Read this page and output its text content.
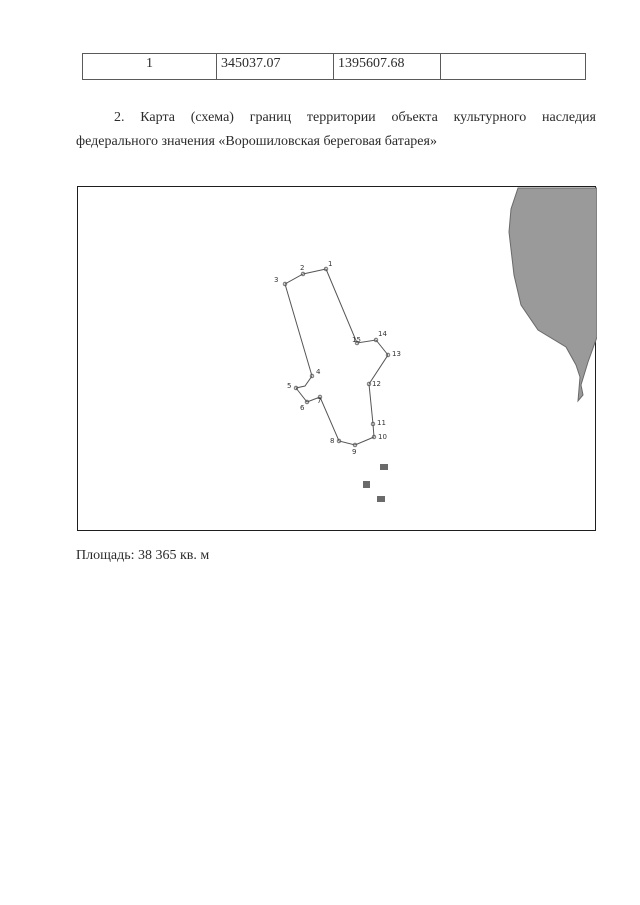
1	345037.07	1395607.68	

2. Карта (схема) границ территории объекта культурного наследия

федерального значения «Ворошиловская береговая батарея»

1
2
3
4
5
6
7
8
9
10
11
12
13
14
15
Площадь: 38 365 кв. м
